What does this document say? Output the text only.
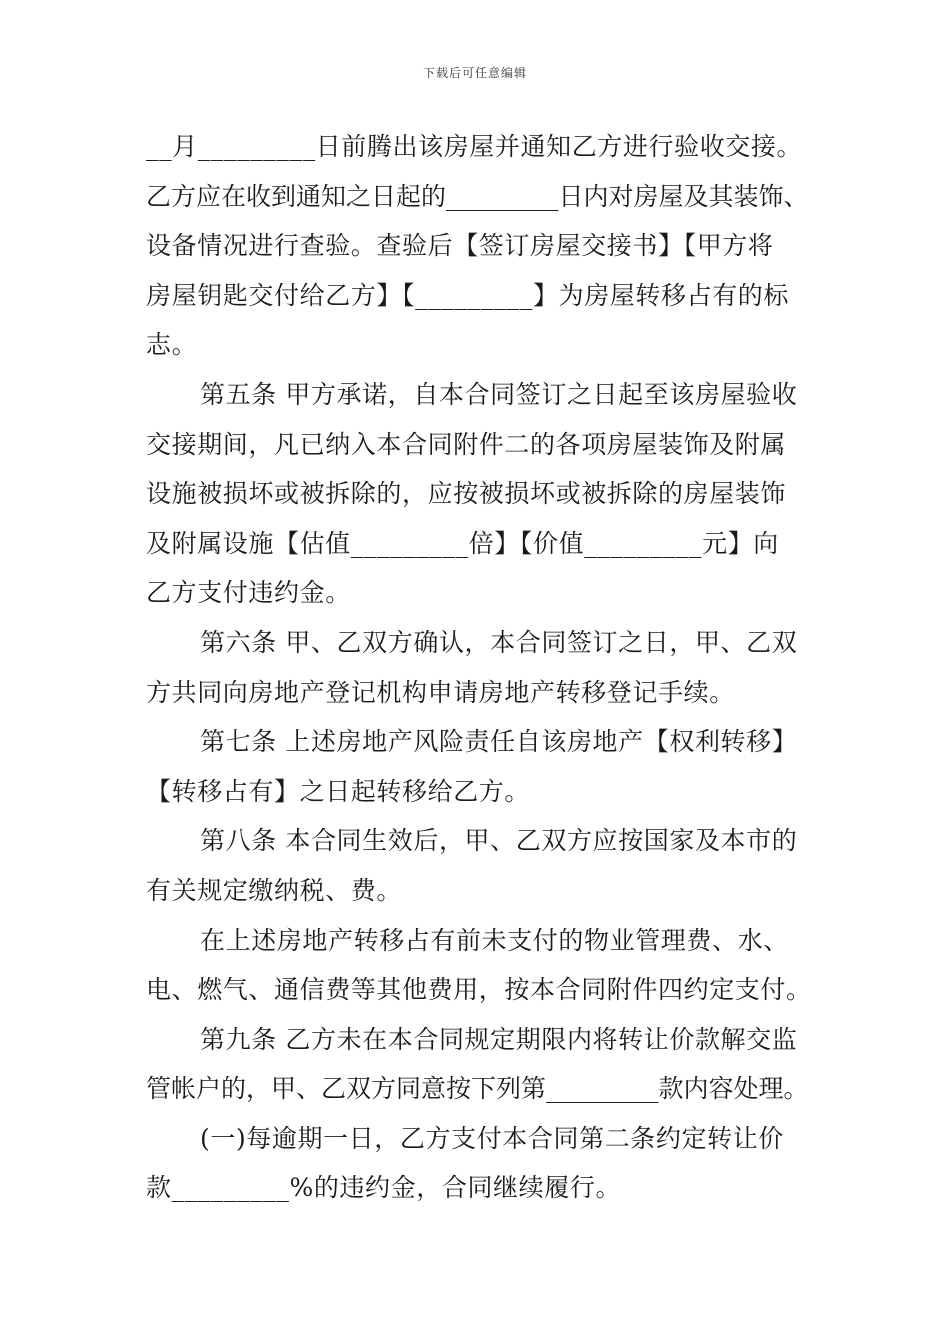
下载后可任意编辑
__月_________日前腾出该房屋并通知乙方进行验收交接。
乙方应在收到通知之日起的_________日内对房屋及其装饰、
设备情况进行查验。查验后【签订房屋交接书】【甲方将
房屋钥匙交付给乙方】【_________】为房屋转移占有的标
志。
第五条 甲方承诺，自本合同签订之日起至该房屋验收
交接期间，凡已纳入本合同附件二的各项房屋装饰及附属
设施被损坏或被拆除的，应按被损坏或被拆除的房屋装饰
及附属设施【估值_________倍】【价值_________元】向
乙方支付违约金。
第六条 甲、乙双方确认，本合同签订之日，甲、乙双
方共同向房地产登记机构申请房地产转移登记手续。
第七条 上述房地产风险责任自该房地产【权利转移】
【转移占有】之日起转移给乙方。
第八条 本合同生效后，甲、乙双方应按国家及本市的
有关规定缴纳税、费。
在上述房地产转移占有前未支付的物业管理费、水、
电、燃气、通信费等其他费用，按本合同附件四约定支付。
第九条 乙方未在本合同规定期限内将转让价款解交监
管帐户的，甲、乙双方同意按下列第_________款内容处理。
(一)每逾期一日，乙方支付本合同第二条约定转让价
款_________%的违约金，合同继续履行。
